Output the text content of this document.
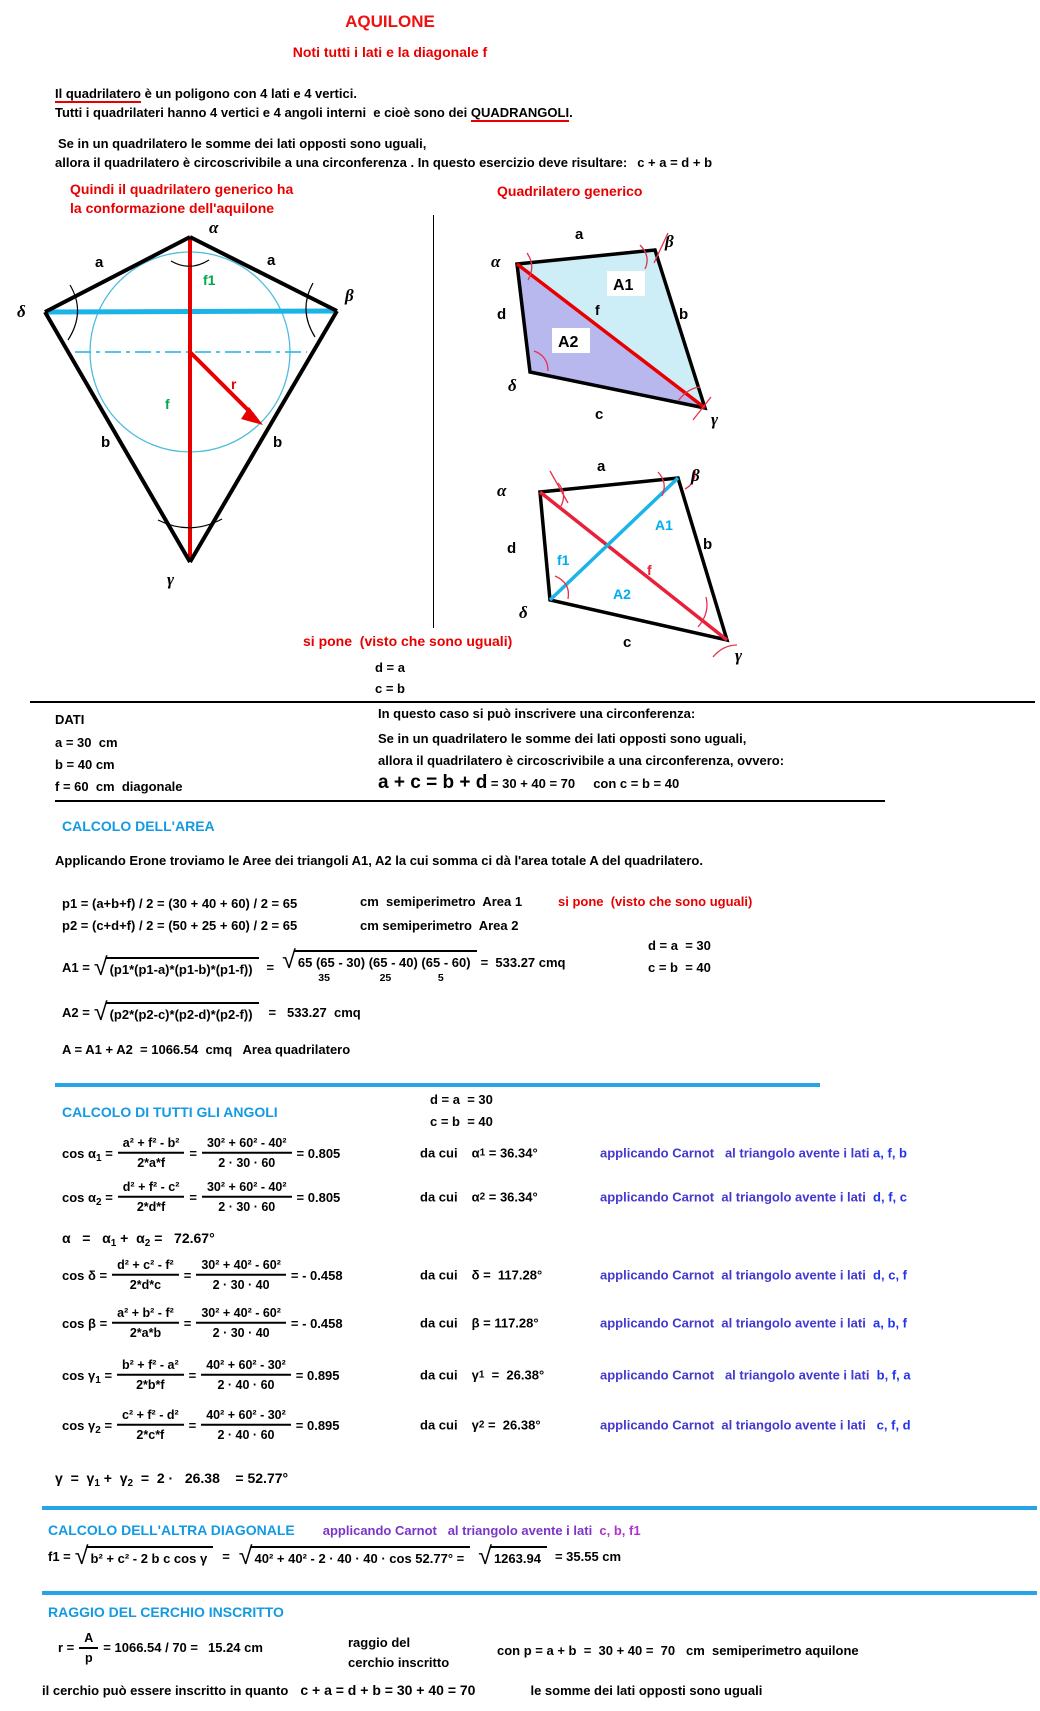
AQUILONE
Noti tutti i lati e la diagonale f
Il quadrilatero è un poligono con 4 lati e 4 vertici.
Tutti i quadrilateri hanno 4 vertici e 4 angoli interni  e cioè sono dei QUADRANGOLI.
Se in un quadrilatero le somme dei lati opposti sono uguali,
allora il quadrilatero è circoscrivibile a una circonferenza . In questo esercizio deve risultare: c + a = d + b
Quindi il quadrilatero generico ha
la conformazione dell'aquilone
α
δ
β
γ
a	a
b	b
f1
f
r
Quadrilatero generico
A1
A2
α
β
γ
δ
a
b
c
d	f
α
β
γ
δ
a
b
c
d
f1
f
A1
A2
si pone  (visto che sono uguali)
d = a
c = b
DATI
a = 30  cm
b = 40 cm
f = 60  cm  diagonale
In questo caso si può inscrivere una circonferenza:
Se in un quadrilatero le somme dei lati opposti sono uguali,
allora il quadrilatero è circoscrivibile a una circonferenza, ovvero:
a + c = b + d = 30 + 40 = 70     con c = b = 40
CALCOLO DELL'AREA
Applicando Erone troviamo le Aree dei triangoli A1, A2 la cui somma ci dà l'area totale A del quadrilatero.
p1 = (a+b+f) / 2 = (30 + 40 + 60) / 2 = 65	cm  semiperimetro  Area 1	si pone  (visto che sono uguali)
p2 = (c+d+f) / 2 = (50 + 25 + 60) / 2 = 65	cm semiperimetro  Area 2
d = a  = 30
c = b  = 40
A1 = √ (p1*(p1-a)*(p1-b)*(p1-f))	= √ 65 (65 - 30) (65 - 40) (65 - 60)
35                 25                5
=  533.27 cmq
A2 = √ (p2*(p2-c)*(p2-d)*(p2-f))	=   533.27  cmq
A = A1 + A2  = 1066.54  cmq   Area quadrilatero
CALCOLO DI TUTTI GLI ANGOLI
d = a  = 30
c = b  = 40
$\cos \alpha_1 = \frac{\text{a² + f² - b²}}{2*a*f} = \frac{\text{30² + 60² - 40²}}{2 \cdot 30 \cdot 60} = 0.805$	da cui α 1 = 36.34°	applicando Carnot   al triangolo avente i lati a, f, b
$\cos \alpha_2 = \frac{\text{d² + f² - c²}}{2*d*f} = \frac{\text{30² + 60² - 40²}}{2 \cdot 30 \cdot 60} = 0.805$	da cui α 2 = 36.34°	applicando Carnot  al triangolo avente i lati d, f, c
$\alpha = \alpha_1 + \alpha_2 = 72.67^\circ$
$\cos \delta = \frac{\text{d² + c² - f²}}{2*d*c} = \frac{\text{30² + 40² - 60²}}{2 \cdot 30 \cdot 40}$ = - 0.458	da cui δ =  117.28°	applicando Carnot  al triangolo avente i lati d, c, f
$\cos \beta = \frac{\text{a² + b² - f²}}{2*a*b} = \frac{\text{30² + 40² - 60²}}{2 \cdot 30 \cdot 40}$ = - 0.458	da cui β = 117.28°	applicando Carnot  al triangolo avente i lati a, b, f
$\cos \gamma_1 = \frac{\text{b² + f² - a²}}{2*b*f} = \frac{\text{40² + 60² - 30²}}{2 \cdot 40 \cdot 60} = 0.895$	da cui γ 1 =  26.38°	applicando Carnot   al triangolo avente i lati b, f, a
$\cos \gamma_2 = \frac{\text{c² + f² - d²}}{2*c*f} = \frac{\text{40² + 60² - 30²}}{2 \cdot 40 \cdot 60} = 0.895$	da cui γ 2 =  26.38°	applicando Carnot  al triangolo avente i lati c, f, d
$\gamma = \gamma_1 + \gamma_2 = 2 \cdot 26.38$    = 52.77°
CALCOLO DELL'ALTRA DIAGONALE applicando Carnot   al triangolo avente i lati  c, b, f1
f1 = √ b² + c² - 2 b c cos γ	= √ 40² + 40² - 2 · 40 · 40 · cos 52.77° = √ 1263.94	= 35.55 cm
RAGGIO DEL CERCHIO INSCRITTO
$r = \frac{A}{p} = 1066.54 / 70 = 15.24$ cm	raggio del
cerchio inscritto
con p = a + b  =  30 + 40 =  70   cm  semiperimetro aquilone
il cerchio può essere inscritto in quanto c + a = d + b = 30 + 40 = 70	le somme dei lati opposti sono uguali
